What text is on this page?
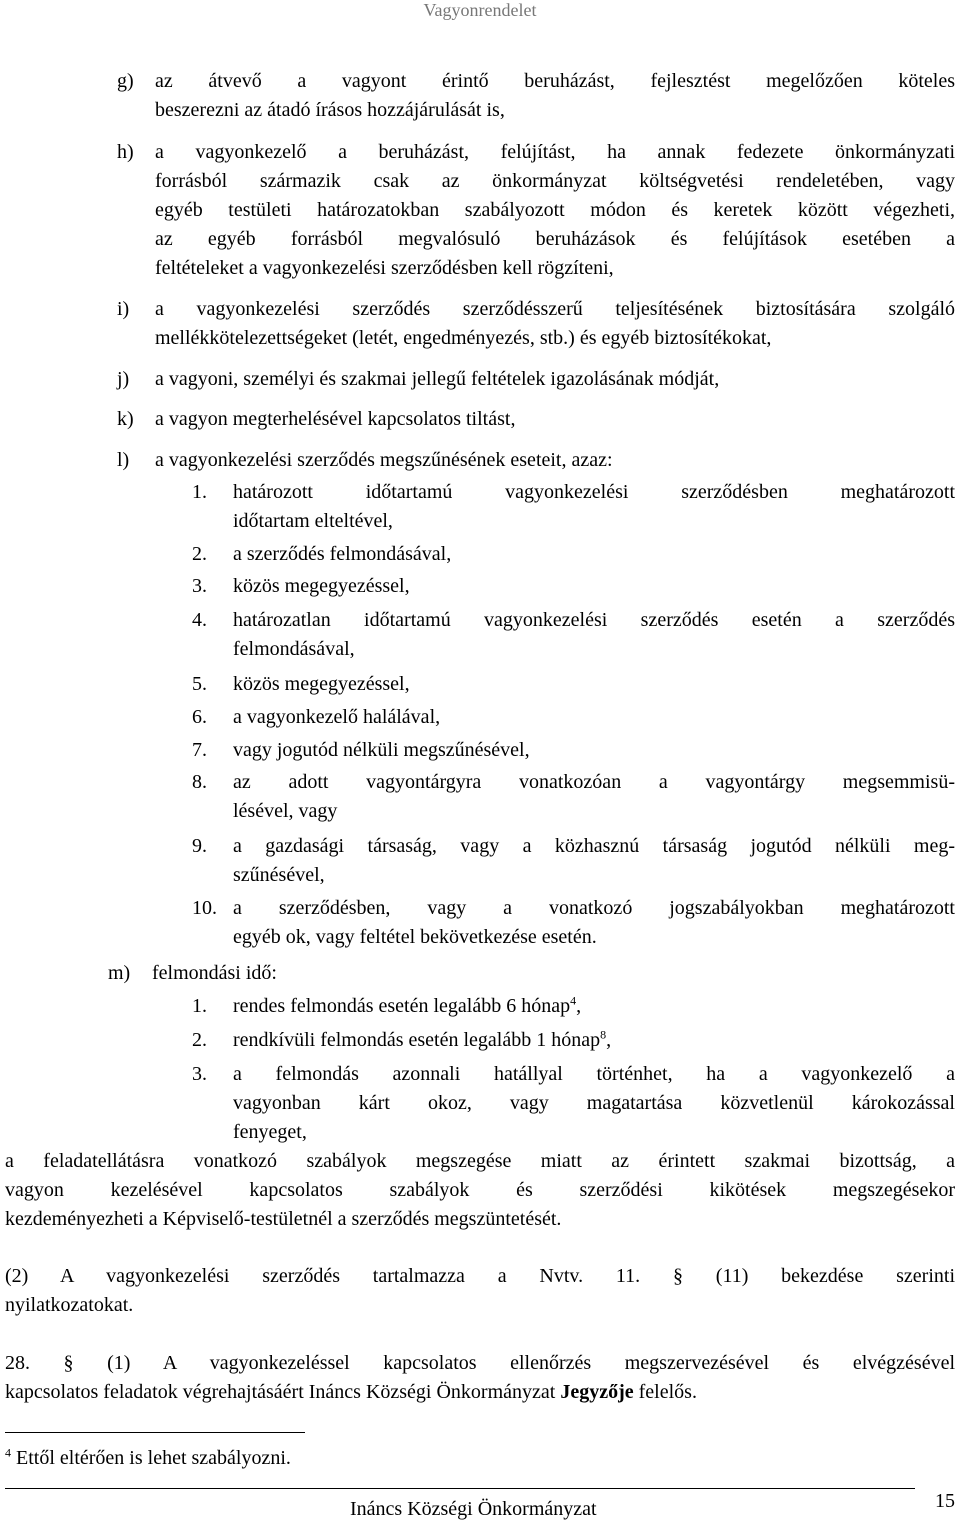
Vagyonrendelet
g) az átvevő a vagyont érintő beruházást, fejlesztést megelőzően köteles
beszerezni az átadó írásos hozzájárulását is,
h) a vagyonkezelő a beruházást, felújítást, ha annak fedezete önkormányzati
forrásból származik csak az önkormányzat költségvetési rendeletében, vagy
egyéb testületi határozatokban szabályozott módon és keretek között végezheti,
az egyéb forrásból megvalósuló beruházások és felújítások esetében a
feltételeket a vagyonkezelési szerződésben kell rögzíteni,
i) a vagyonkezelési szerződés szerződésszerű teljesítésének biztosítására szolgáló
mellékkötelezettségeket (letét, engedményezés, stb.) és egyéb biztosítékokat,
j) a vagyoni, személyi és szakmai jellegű feltételek igazolásának módját,
k) a vagyon megterhelésével kapcsolatos tiltást,
l) a vagyonkezelési szerződés megszűnésének eseteit, azaz:
1. határozott időtartamú vagyonkezelési szerződésben meghatározott
időtartam elteltével,
2. a szerződés felmondásával,
3. közös megegyezéssel,
4. határozatlan időtartamú vagyonkezelési szerződés esetén a szerződés
felmondásával,
5. közös megegyezéssel,
6. a vagyonkezelő halálával,
7. vagy jogutód nélküli megszűnésével,
8. az adott vagyontárgyra vonatkozóan a vagyontárgy megsemmisü-
lésével, vagy
9. a gazdasági társaság, vagy a közhasznú társaság jogutód nélküli meg-
szűnésével,
10. a szerződésben, vagy a vonatkozó jogszabályokban meghatározott
egyéb ok, vagy feltétel bekövetkezése esetén.
m) felmondási idő:
1. rendes felmondás esetén legalább 6 hónap$^4$,
2. rendkívüli felmondás esetén legalább 1 hónap$^8$,
3. a felmondás azonnali hatállyal történhet, ha a vagyonkezelő a
vagyonban kárt okoz, vagy magatartása közvetlenül károkozással
fenyeget,
a feladatellátásra vonatkozó szabályok megszegése miatt az érintett szakmai bizottság, a
vagyon kezelésével kapcsolatos szabályok és szerződési kikötések megszegésekor
kezdeményezheti a Képviselő-testületnél a szerződés megszüntetését.
(2) A vagyonkezelési szerződés tartalmazza a Nvtv. 11. § (11) bekezdése szerinti
nyilatkozatokat.
28. § (1) A vagyonkezeléssel kapcsolatos ellenőrzés megszervezésével és elvégzésével
kapcsolatos feladatok végrehajtásáért Ináncs Községi Önkormányzat Jegyzője felelős.
$^4$ Ettől eltérően is lehet szabályozni.
Ináncs Községi Önkormányzat	15
